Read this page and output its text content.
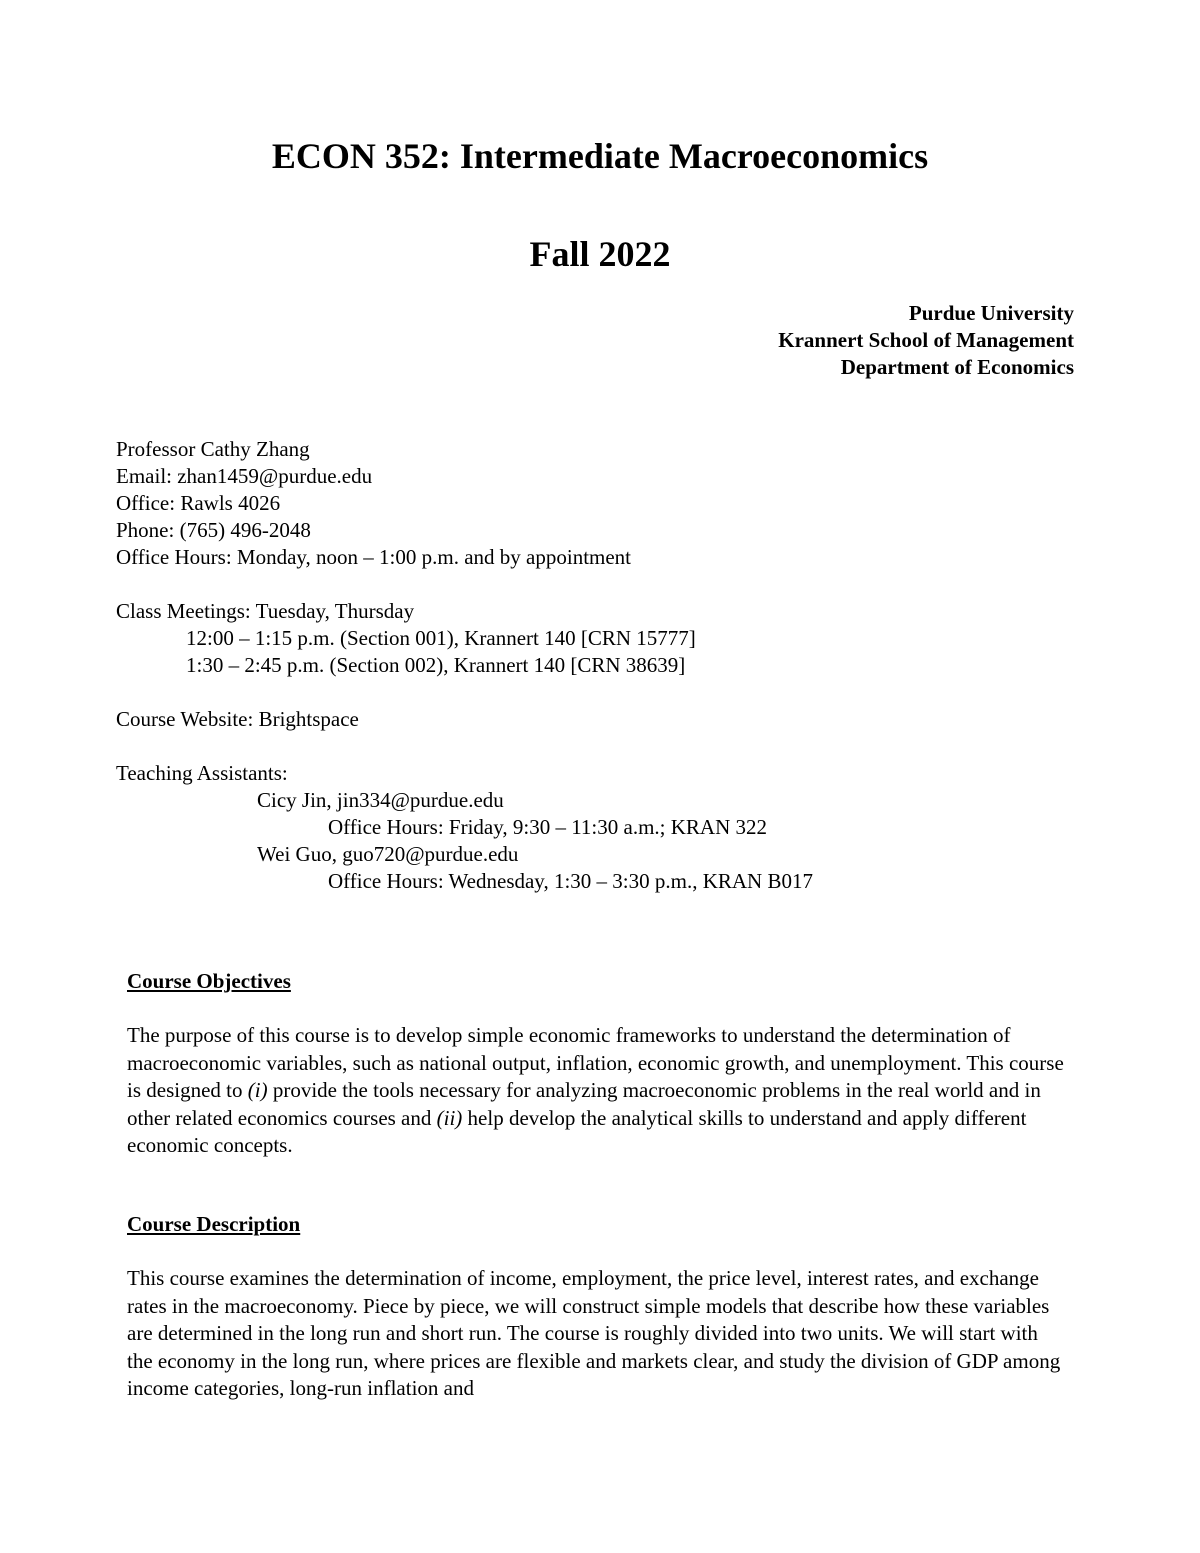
ECON 352: Intermediate Macroeconomics
Fall 2022
Purdue University
Krannert School of Management
Department of Economics
Professor Cathy Zhang
Email: zhan1459@purdue.edu
Office: Rawls 4026
Phone: (765) 496-2048
Office Hours: Monday, noon – 1:00 p.m. and by appointment
Class Meetings: Tuesday, Thursday
12:00 – 1:15 p.m. (Section 001), Krannert 140 [CRN 15777]
1:30 – 2:45 p.m. (Section 002), Krannert 140 [CRN 38639]
Course Website: Brightspace
Teaching Assistants:
Cicy Jin, jin334@purdue.edu
Office Hours: Friday, 9:30 – 11:30 a.m.; KRAN 322
Wei Guo, guo720@purdue.edu
Office Hours: Wednesday, 1:30 – 3:30 p.m., KRAN B017
Course Objectives

The purpose of this course is to develop simple economic frameworks to understand the determination of macroeconomic variables, such as national output, inflation, economic growth, and unemployment. This course is designed to (i) provide the tools necessary for analyzing macroeconomic problems in the real world and in other related economics courses and (ii) help develop the analytical skills to understand and apply different economic concepts.

Course Description

This course examines the determination of income, employment, the price level, interest rates, and exchange rates in the macroeconomy. Piece by piece, we will construct simple models that describe how these variables are determined in the long run and short run. The course is roughly divided into two units. We will start with the economy in the long run, where prices are flexible and markets clear, and study the division of GDP among income categories, long-run inflation and
